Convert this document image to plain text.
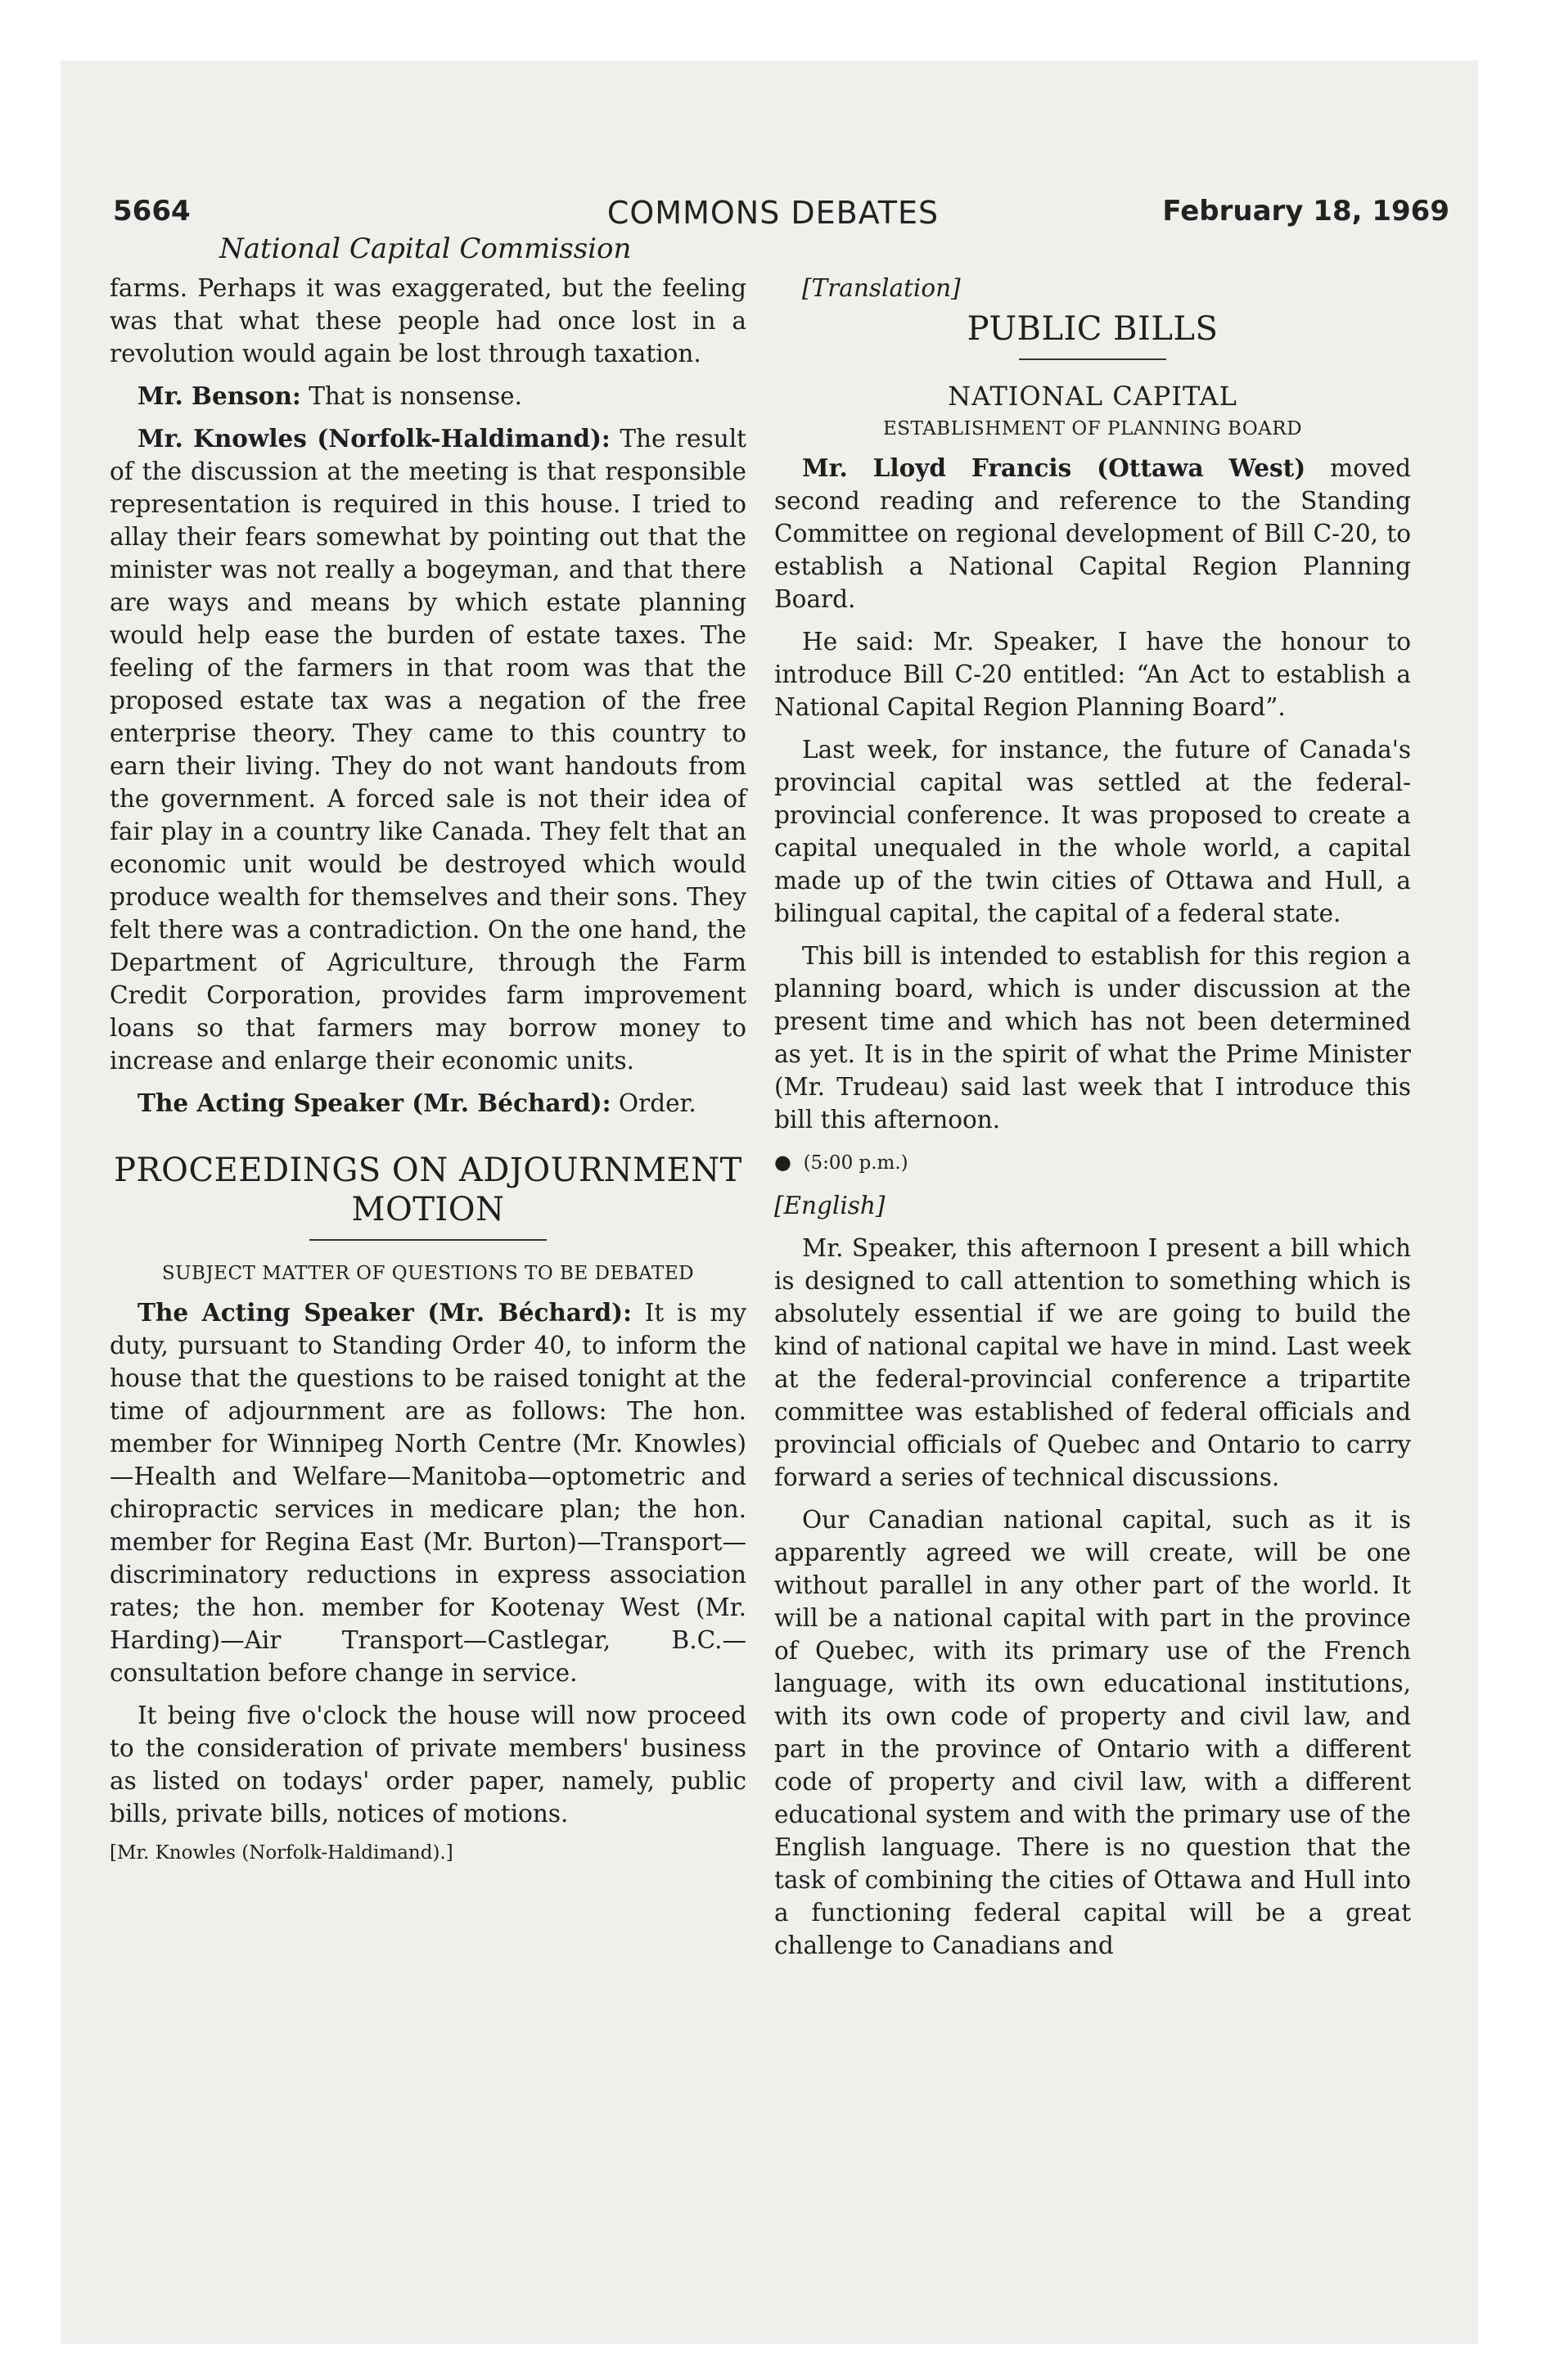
5664	COMMONS DEBATES	February 18, 1969
National Capital Commission

farms. Perhaps it was exaggerated, but the feeling was that what these people had once lost in a revolution would again be lost through taxation.

Mr. Benson: That is nonsense.

Mr. Knowles (Norfolk-Haldimand): The result of the discussion at the meeting is that responsible representation is required in this house. I tried to allay their fears somewhat by pointing out that the minister was not really a bogeyman, and that there are ways and means by which estate planning would help ease the burden of estate taxes. The feeling of the farmers in that room was that the proposed estate tax was a negation of the free enterprise theory. They came to this country to earn their living. They do not want handouts from the government. A forced sale is not their idea of fair play in a country like Canada. They felt that an economic unit would be destroyed which would produce wealth for themselves and their sons. They felt there was a contradiction. On the one hand, the Department of Agriculture, through the Farm Credit Corporation, provides farm improvement loans so that farmers may borrow money to increase and enlarge their economic units.

The Acting Speaker (Mr. Béchard): Order.

PROCEEDINGS ON ADJOURNMENT MOTION
SUBJECT MATTER OF QUESTIONS TO BE DEBATED

The Acting Speaker (Mr. Béchard): It is my duty, pursuant to Standing Order 40, to inform the house that the questions to be raised tonight at the time of adjournment are as follows: The hon. member for Winnipeg North Centre (Mr. Knowles)—Health and Welfare—Manitoba—optometric and chiropractic services in medicare plan; the hon. member for Regina East (Mr. Burton)—Transport—discriminatory reductions in express association rates; the hon. member for Kootenay West (Mr. Harding)—Air Transport—Castlegar, B.C.—consultation before change in service.

It being five o'clock the house will now proceed to the consideration of private members' business as listed on todays' order paper, namely, public bills, private bills, notices of motions.

[Mr. Knowles (Norfolk-Haldimand).]

[Translation]

PUBLIC BILLS
NATIONAL CAPITAL
ESTABLISHMENT OF PLANNING BOARD

Mr. Lloyd Francis (Ottawa West) moved second reading and reference to the Standing Committee on regional development of Bill C-20, to establish a National Capital Region Planning Board.

He said: Mr. Speaker, I have the honour to introduce Bill C-20 entitled: “An Act to establish a National Capital Region Planning Board”.

Last week, for instance, the future of Canada's provincial capital was settled at the federal-provincial conference. It was proposed to create a capital unequaled in the whole world, a capital made up of the twin cities of Ottawa and Hull, a bilingual capital, the capital of a federal state.

This bill is intended to establish for this region a planning board, which is under discussion at the present time and which has not been determined as yet. It is in the spirit of what the Prime Minister (Mr. Trudeau) said last week that I introduce this bill this afternoon.

● (5:00 p.m.)

[English]

Mr. Speaker, this afternoon I present a bill which is designed to call attention to something which is absolutely essential if we are going to build the kind of national capital we have in mind. Last week at the federal-provincial conference a tripartite committee was established of federal officials and provincial officials of Quebec and Ontario to carry forward a series of technical discussions.

Our Canadian national capital, such as it is apparently agreed we will create, will be one without parallel in any other part of the world. It will be a national capital with part in the province of Quebec, with its primary use of the French language, with its own educational institutions, with its own code of property and civil law, and part in the province of Ontario with a different code of property and civil law, with a different educational system and with the primary use of the English language. There is no question that the task of combining the cities of Ottawa and Hull into a functioning federal capital will be a great challenge to Canadians and
